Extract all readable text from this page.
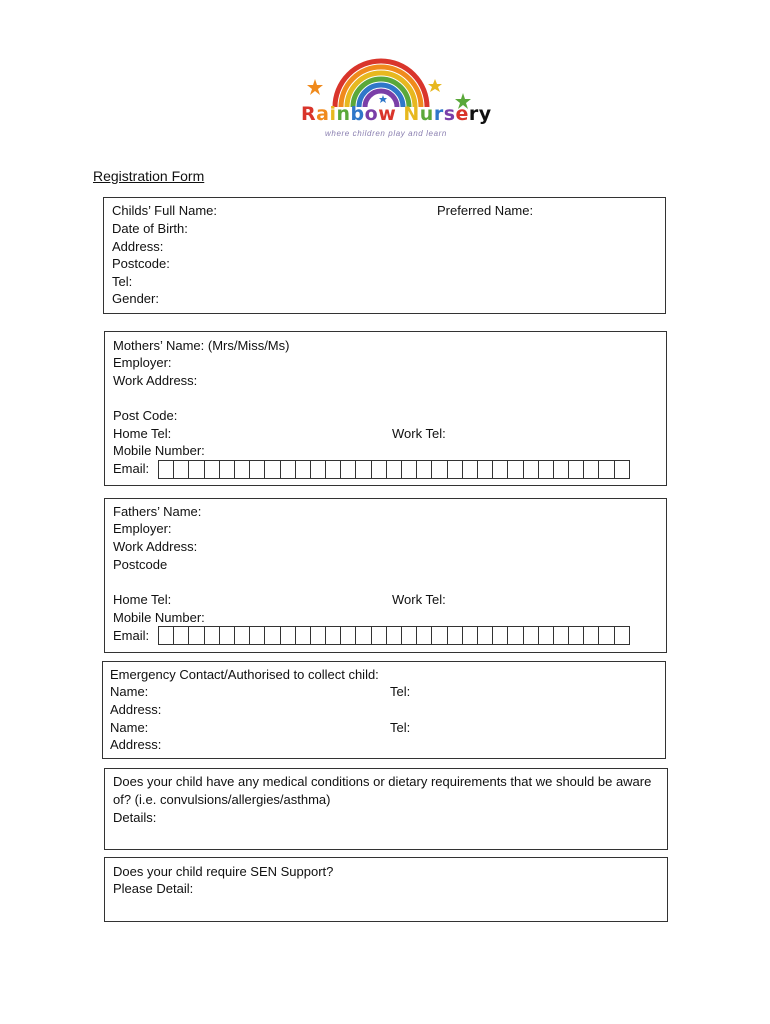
Rainbow Nursery
where children play and learn
Registration Form
Childs’ Full Name:	Preferred Name:
Date of Birth:
Address:
Postcode:
Tel:
Gender:
Mothers’ Name: (Mrs/Miss/Ms)
Employer:
Work Address:
Post Code:
Home Tel:	Work Tel:
Mobile Number:
Email:
Fathers’ Name:
Employer:
Work Address:
Postcode
Home Tel:	Work Tel:
Mobile Number:
Email:
Emergency Contact/Authorised to collect child:
Name:	Tel:
Address:
Name:	Tel:
Address:
Does your child have any medical conditions or dietary requirements that we should be aware of? (i.e. convulsions/allergies/asthma)
Details:
Does your child require SEN Support?
Please Detail:
